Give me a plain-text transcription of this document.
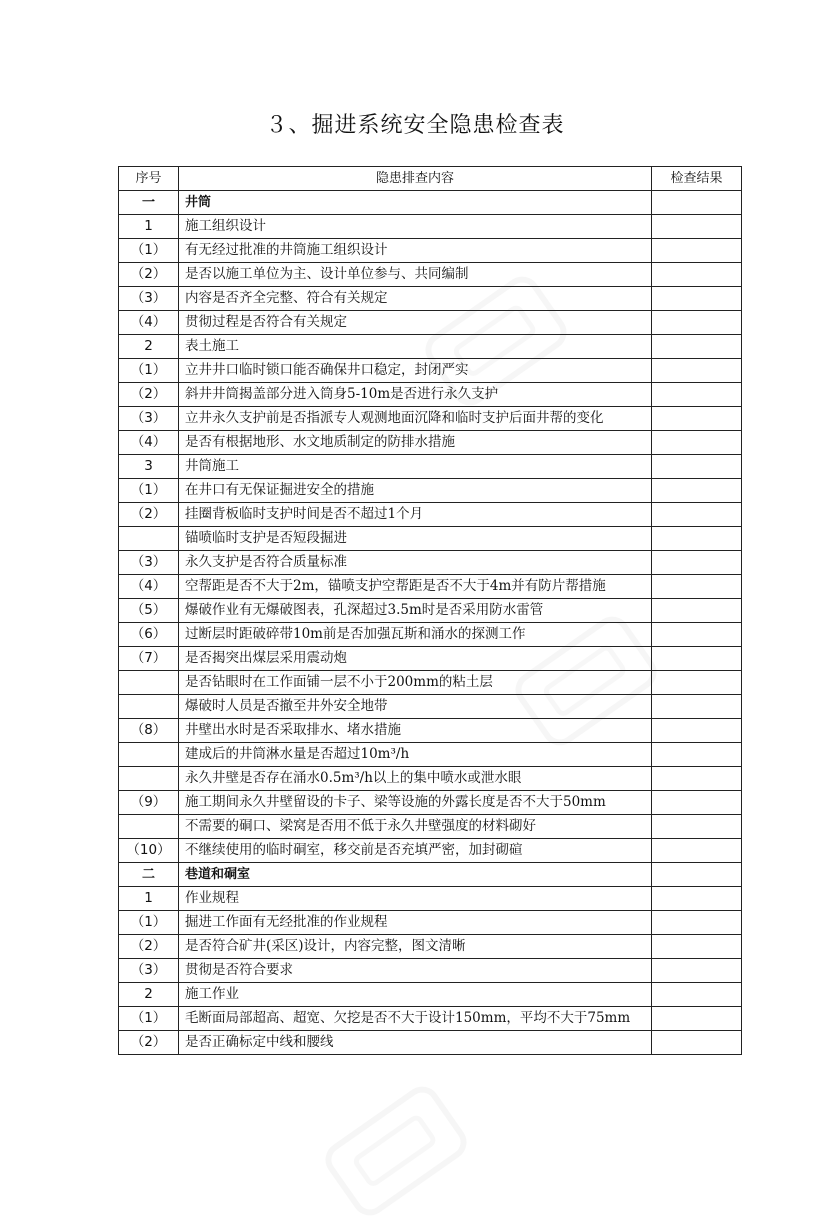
３、掘进系统安全隐患检查表
序号	隐患排查内容	检查结果
一	井筒	
1	施工组织设计	
（1）	有无经过批准的井筒施工组织设计	
（2）	是否以施工单位为主、设计单位参与、共同编制	
（3）	内容是否齐全完整、符合有关规定	
（4）	贯彻过程是否符合有关规定	
2	表土施工	
（1）	立井井口临时锁口能否确保井口稳定，封闭严实	
（2）	斜井井筒揭盖部分进入筒身5-10m是否进行永久支护	
（3）	立井永久支护前是否指派专人观测地面沉降和临时支护后面井帮的变化	
（4）	是否有根据地形、水文地质制定的防排水措施	
3	井筒施工	
（1）	在井口有无保证掘进安全的措施	
（2）	挂圈背板临时支护时间是否不超过1个月	
	锚喷临时支护是否短段掘进	
（3）	永久支护是否符合质量标准	
（4）	空帮距是否不大于2m，锚喷支护空帮距是否不大于4m并有防片帮措施	
（5）	爆破作业有无爆破图表，孔深超过3.5m时是否采用防水雷管	
（6）	过断层时距破碎带10m前是否加强瓦斯和涌水的探测工作	
（7）	是否揭突出煤层采用震动炮	
	是否钻眼时在工作面铺一层不小于200mm的粘土层	
	爆破时人员是否撤至井外安全地带	
（8）	井壁出水时是否采取排水、堵水措施	
	建成后的井筒淋水量是否超过10m³/h	
	永久井壁是否存在涌水0.5m³/h以上的集中喷水或泄水眼	
（9）	施工期间永久井壁留设的卡子、梁等设施的外露长度是否不大于50mm	
	不需要的硐口、梁窝是否用不低于永久井壁强度的材料砌好	
（10）	不继续使用的临时硐室，移交前是否充填严密，加封砌碹	
二	巷道和硐室	
1	作业规程	
（1）	掘进工作面有无经批准的作业规程	
（2）	是否符合矿井(采区)设计，内容完整，图文清晰	
（3）	贯彻是否符合要求	
2	施工作业	
（1）	毛断面局部超高、超宽、欠挖是否不大于设计150mm，平均不大于75mm	
（2）	是否正确标定中线和腰线	
